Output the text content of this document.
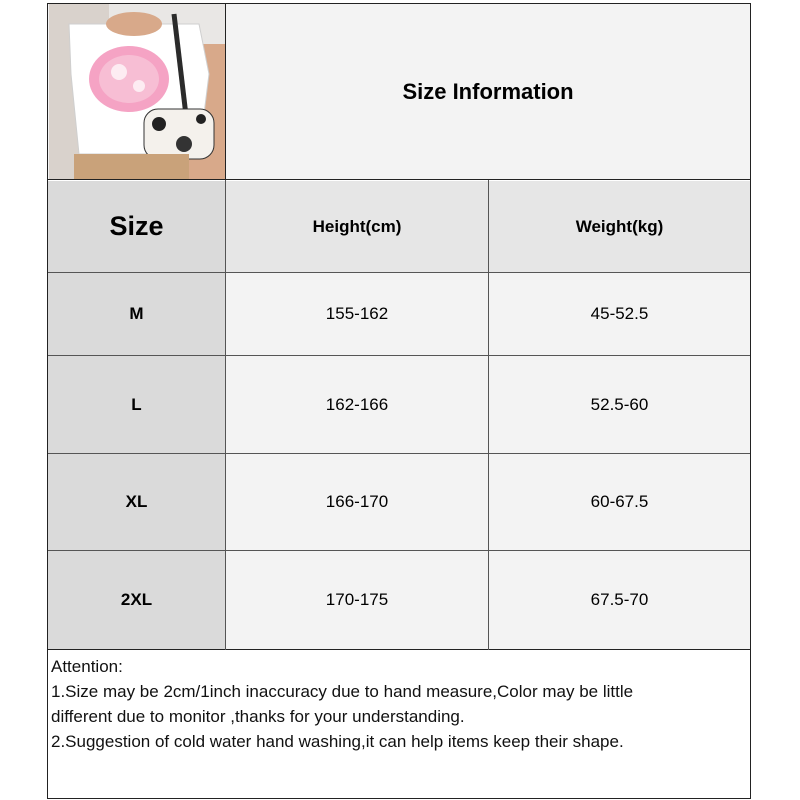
Size Information
Size	Height(cm)	Weight(kg)
M	155-162	45-52.5
L	162-166	52.5-60
XL	166-170	60-67.5
2XL	170-175	67.5-70
Attention:
1.Size may be 2cm/1inch inaccuracy due to hand measure,Color may be little
different due to monitor ,thanks for your understanding.
2.Suggestion of cold water hand washing,it can help items keep their shape.
